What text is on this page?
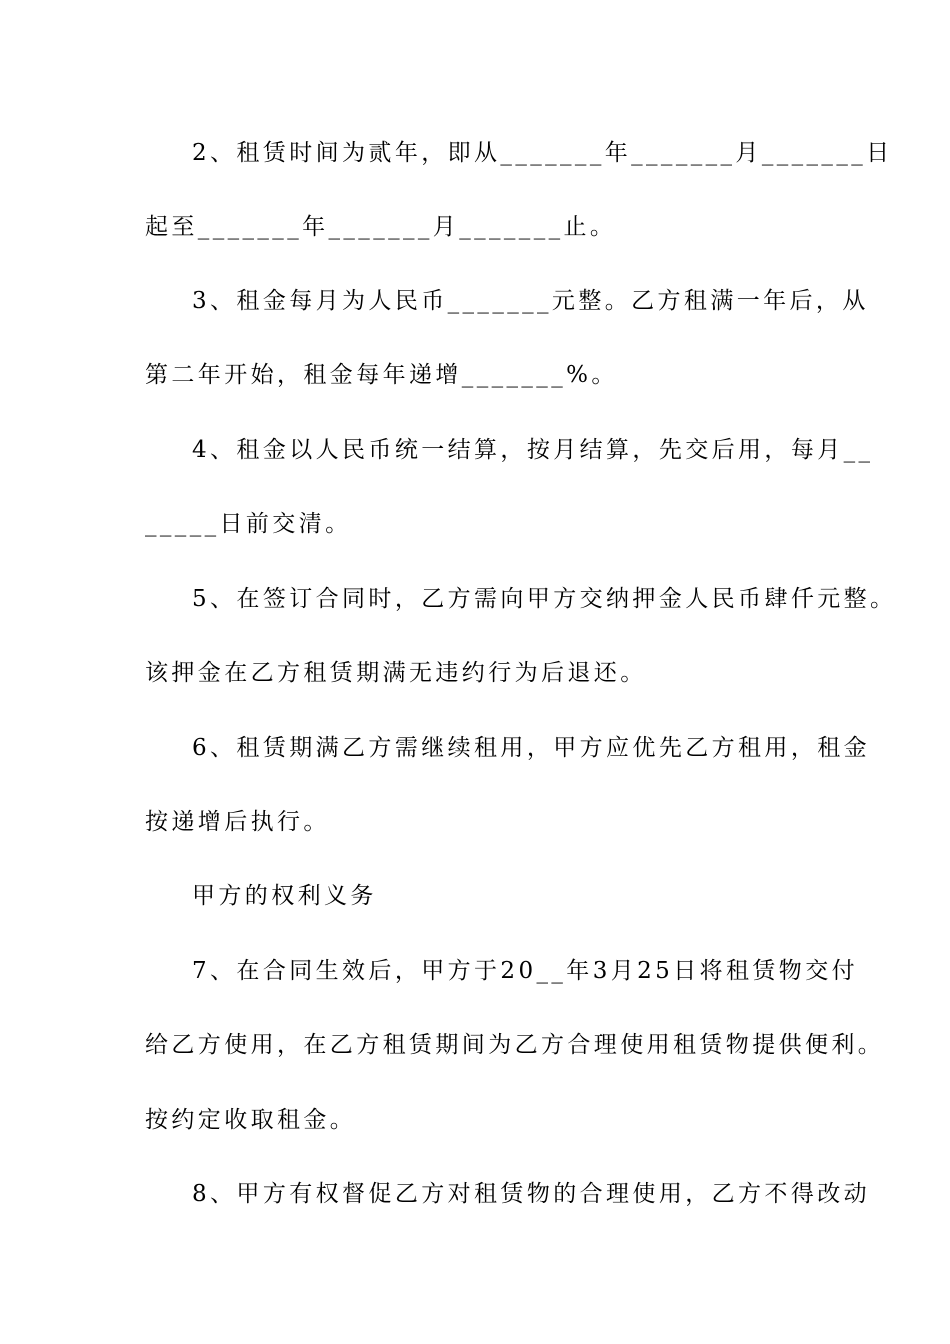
2、租赁时间为贰年，即从_______年_______月_______日
起至_______年_______月_______止。
3、租金每月为人民币_______元整。乙方租满一年后，从
第二年开始，租金每年递增_______%。
4、租金以人民币统一结算，按月结算，先交后用，每月__
_____日前交清。
5、在签订合同时，乙方需向甲方交纳押金人民币肆仟元整。
该押金在乙方租赁期满无违约行为后退还。
6、租赁期满乙方需继续租用，甲方应优先乙方租用，租金
按递增后执行。
甲方的权利义务
7、在合同生效后，甲方于20__年3月25日将租赁物交付
给乙方使用，在乙方租赁期间为乙方合理使用租赁物提供便利。
按约定收取租金。
8、甲方有权督促乙方对租赁物的合理使用，乙方不得改动
